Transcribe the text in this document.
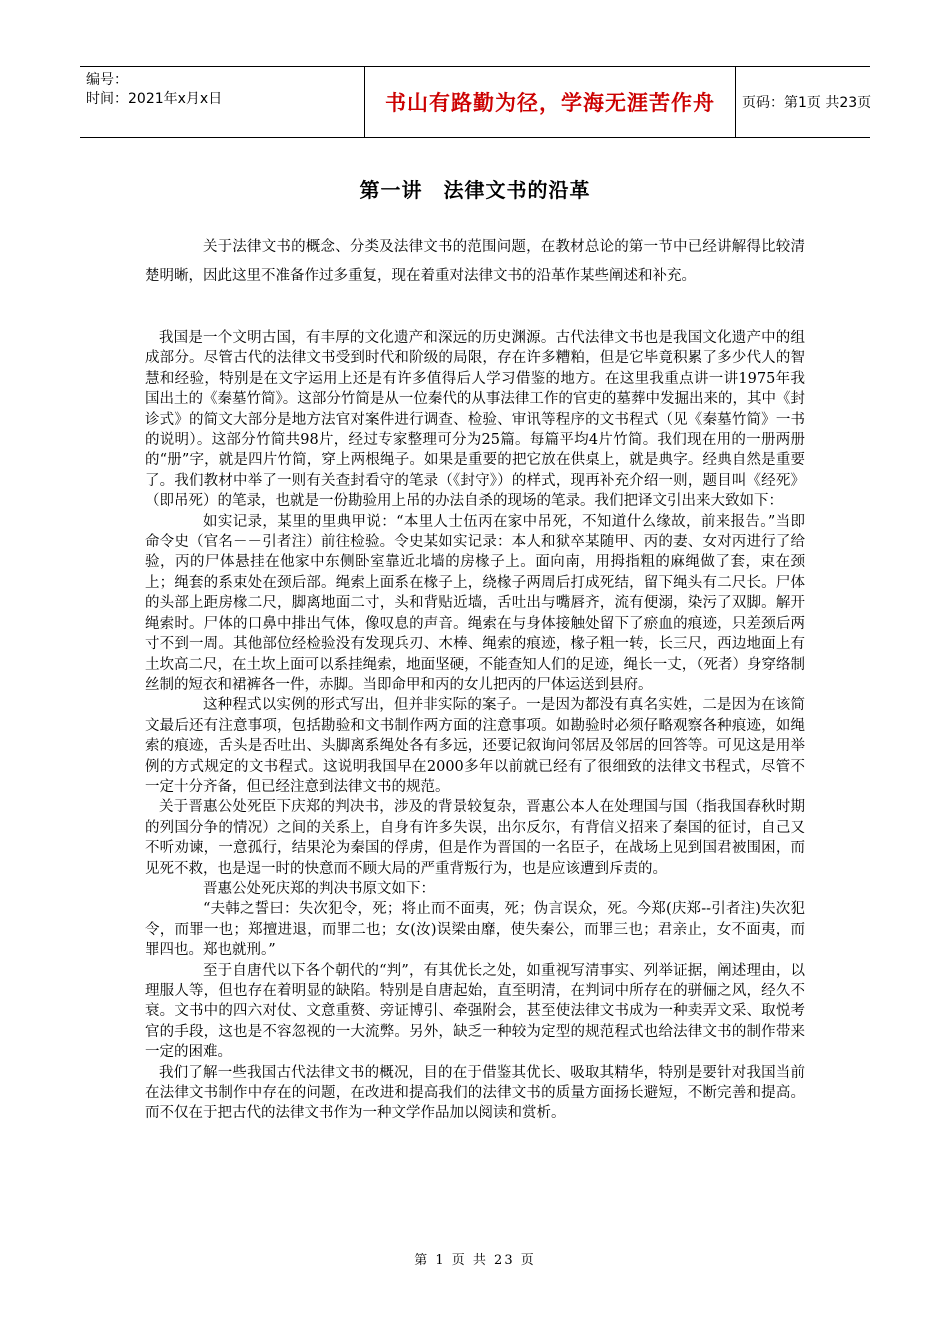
编号：
时间：2021年x月x日	书山有路勤为径，学海无涯苦作舟 页码：第1页 共23页
第一讲　法律文书的沿革

关于法律文书的概念、分类及法律文书的范围问题，在教材总论的第一节中已经讲解得比较清楚明晰，因此这里不准备作过多重复，现在着重对法律文书的沿革作某些阐述和补充。

我国是一个文明古国，有丰厚的文化遗产和深远的历史渊源。古代法律文书也是我国文化遗产中的组成部分。尽管古代的法律文书受到时代和阶级的局限，存在许多糟粕，但是它毕竟积累了多少代人的智慧和经验，特别是在文字运用上还是有许多值得后人学习借鉴的地方。在这里我重点讲一讲1975年我国出土的《秦墓竹简》。这部分竹简是从一位秦代的从事法律工作的官吏的墓葬中发掘出来的，其中《封诊式》的简文大部分是地方法官对案件进行调查、检验、审讯等程序的文书程式（见《秦墓竹简》一书的说明）。这部分竹简共98片，经过专家整理可分为25篇。每篇平均4片竹简。我们现在用的一册两册的“册”字，就是四片竹简，穿上两根绳子。如果是重要的把它放在供桌上，就是典字。经典自然是重要了。我们教材中举了一则有关查封看守的笔录（《封守》）的样式，现再补充介绍一则，题目叫《经死》（即吊死）的笔录，也就是一份勘验用上吊的办法自杀的现场的笔录。我们把译文引出来大致如下：

如实记录，某里的里典甲说：“本里人士伍丙在家中吊死，不知道什么缘故，前来报告。”当即命令史（官名－－引者注）前往检验。令史某如实记录：本人和狱卒某随甲、丙的妻、女对丙进行了给验，丙的尸体悬挂在他家中东侧卧室靠近北墙的房椽子上。面向南，用拇指粗的麻绳做了套，束在颈上；绳套的系束处在颈后部。绳索上面系在椽子上，绕椽子两周后打成死结，留下绳头有二尺长。尸体的头部上距房椽二尺，脚离地面二寸，头和背贴近墙，舌吐出与嘴唇齐，流有便溺，染污了双脚。解开绳索时。尸体的口鼻中排出气体，像叹息的声音。绳索在与身体接触处留下了瘀血的痕迹，只差颈后两寸不到一周。其他部位经检验没有发现兵刃、木棒、绳索的痕迹，椽子粗一转，长三尺，西边地面上有土坎高二尺，在土坎上面可以系挂绳索，地面坚硬，不能查知人们的足迹，绳长一丈，（死者）身穿络制丝制的短衣和裙裤各一件，赤脚。当即命甲和丙的女儿把丙的尸体运送到县府。

这种程式以实例的形式写出，但并非实际的案子。一是因为都没有真名实姓，二是因为在该简文最后还有注意事项，包括勘验和文书制作两方面的注意事项。如勘验时必须仔略观察各种痕迹，如绳索的痕迹，舌头是否吐出、头脚离系绳处各有多远，还要记叙询问邻居及邻居的回答等。可见这是用举例的方式规定的文书程式。这说明我国早在2000多年以前就已经有了很细致的法律文书程式，尽管不一定十分齐备，但已经注意到法律文书的规范。

关于晋惠公处死臣下庆郑的判决书，涉及的背景较复杂，晋惠公本人在处理国与国（指我国春秋时期的列国分争的情况）之间的关系上，自身有许多失误，出尔反尔，有背信义招来了秦国的征讨，自己又不听劝谏，一意孤行，结果沦为秦国的俘虏，但是作为晋国的一名臣子，在战场上见到国君被围困，而见死不救，也是逞一时的快意而不顾大局的严重背叛行为，也是应该遭到斥责的。

晋惠公处死庆郑的判决书原文如下：

“夫韩之誓曰：失次犯令，死；将止而不面夷，死；伪言误众，死。今郑(庆郑--引者注)失次犯令，而罪一也；郑擅进退，而罪二也；女(汝)误梁由靡，使失秦公，而罪三也；君亲止，女不面夷，而罪四也。郑也就刑。”

至于自唐代以下各个朝代的“判”，有其优长之处，如重视写清事实、列举证据，阐述理由，以理服人等，但也存在着明显的缺陷。特别是自唐起始，直至明清，在判词中所存在的骈俪之风，经久不衰。文书中的四六对仗、文意重赘、旁证博引、牵强附会，甚至使法律文书成为一种卖弄文采、取悦考官的手段，这也是不容忽视的一大流弊。另外，缺乏一种较为定型的规范程式也给法律文书的制作带来一定的困难。

我们了解一些我国古代法律文书的概况，目的在于借鉴其优长、吸取其精华，特别是要针对我国当前在法律文书制作中存在的问题，在改进和提高我们的法律文书的质量方面扬长避短，不断完善和提高。而不仅在于把古代的法律文书作为一种文学作品加以阅读和赏析。

第 1 页 共 23 页
